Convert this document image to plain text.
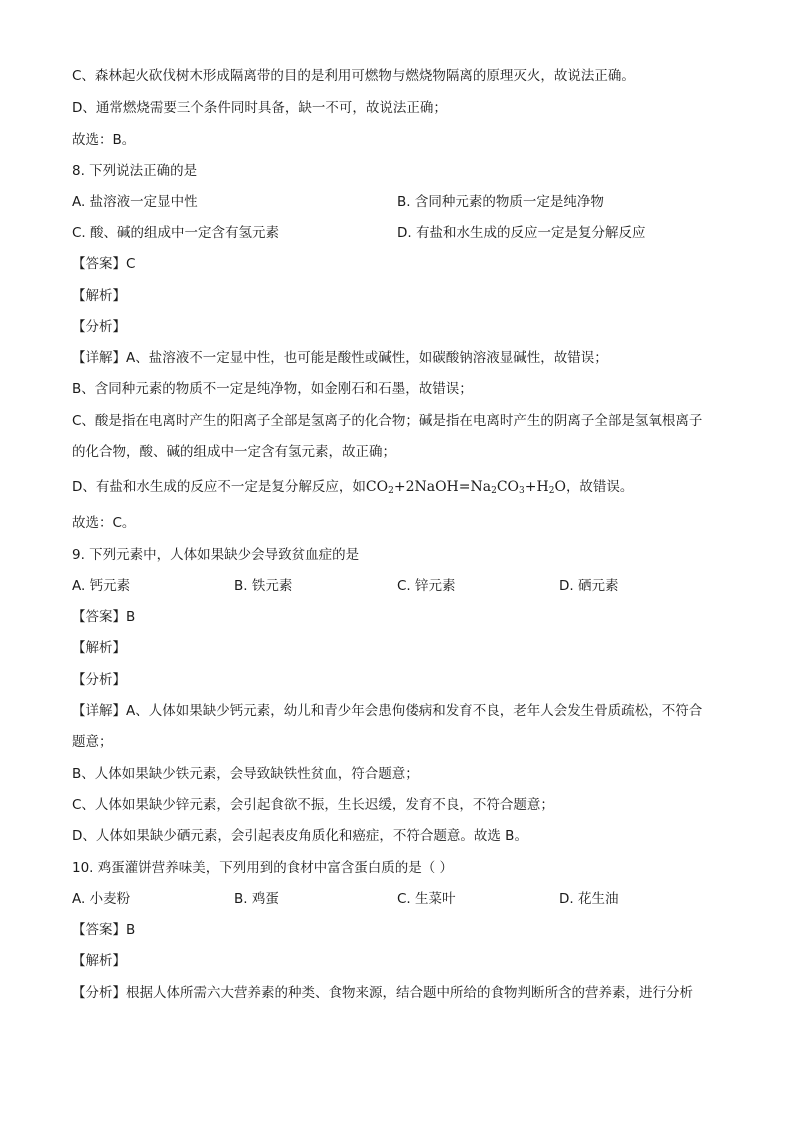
C、森林起火砍伐树木形成隔离带的目的是利用可燃物与燃烧物隔离的原理灭火，故说法正确。
D、通常燃烧需要三个条件同时具备，缺一不可，故说法正确；
故选：B。
8. 下列说法正确的是
A. 盐溶液一定显中性	B. 含同种元素的物质一定是纯净物
C. 酸、碱的组成中一定含有氢元素	D. 有盐和水生成的反应一定是复分解反应
【答案】C
【解析】
【分析】
【详解】A、盐溶液不一定显中性，也可能是酸性或碱性，如碳酸钠溶液显碱性，故错误；
B、含同种元素的物质不一定是纯净物，如金刚石和石墨，故错误；
C、酸是指在电离时产生的阳离子全部是氢离子的化合物；碱是指在电离时产生的阴离子全部是氢氧根离子
的化合物，酸、碱的组成中一定含有氢元素，故正确；
D、有盐和水生成的反应不一定是复分解反应，如$CO_2+2NaOH=Na_2CO_3+H_2O$，故错误。
故选：C。
9. 下列元素中，人体如果缺少会导致贫血症的是
A. 钙元素	B. 铁元素	C. 锌元素	D. 硒元素
【答案】B
【解析】
【分析】
【详解】A、人体如果缺少钙元素，幼儿和青少年会患佝偻病和发育不良，老年人会发生骨质疏松，不符合
题意；
B、人体如果缺少铁元素，会导致缺铁性贫血，符合题意；
C、人体如果缺少锌元素，会引起食欲不振，生长迟缓，发育不良，不符合题意；
D、人体如果缺少硒元素，会引起表皮角质化和癌症，不符合题意。故选 B。
10. 鸡蛋灌饼营养味美，下列用到的食材中富含蛋白质的是（ ）
A. 小麦粉	B. 鸡蛋	C. 生菜叶	D. 花生油
【答案】B
【解析】
【分析】根据人体所需六大营养素的种类、食物来源，结合题中所给的食物判断所含的营养素，进行分析
